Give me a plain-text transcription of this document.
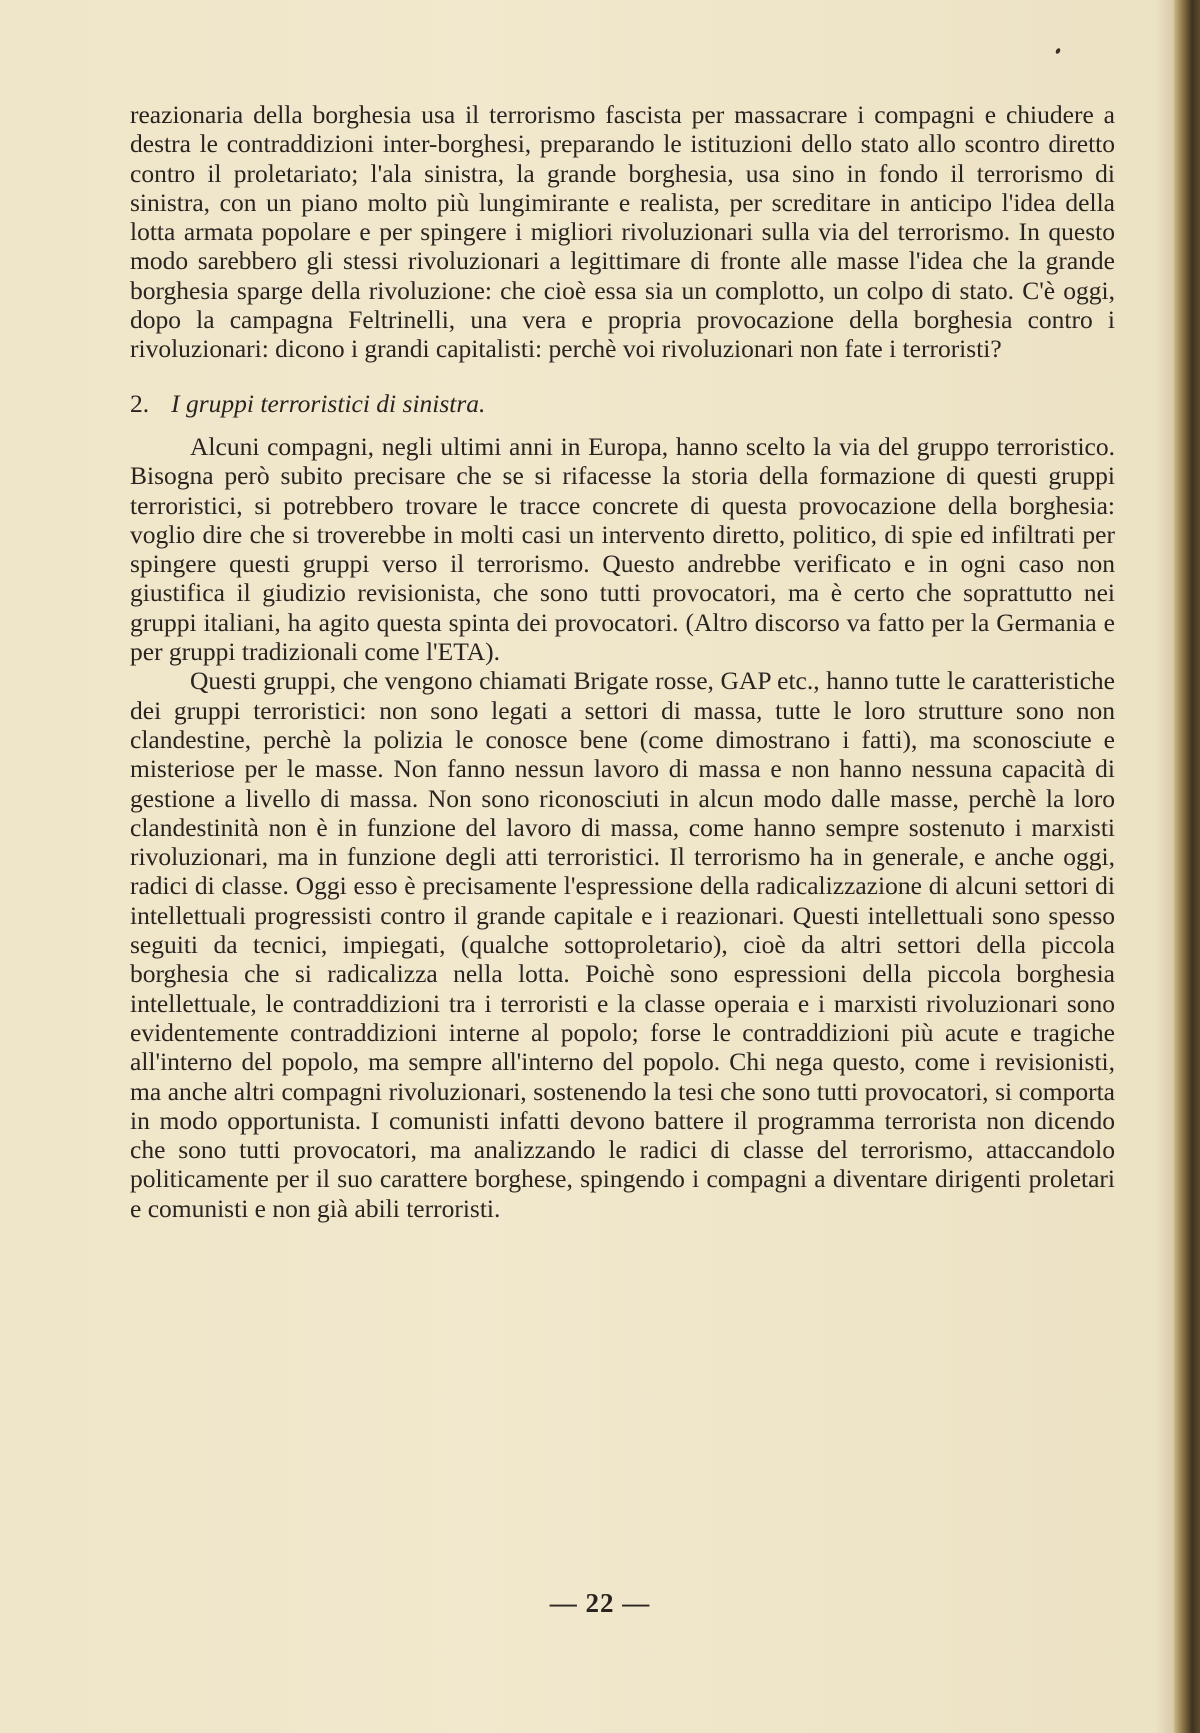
reazionaria della borghesia usa il terrorismo fascista per massacrare i compagni e chiudere a destra le contraddizioni inter-borghesi, preparando le istituzioni dello stato allo scontro diretto contro il proletariato; l'ala sinistra, la grande borghesia, usa sino in fondo il terrorismo di sinistra, con un piano molto più lungimirante e realista, per screditare in anticipo l'idea della lotta armata popolare e per spingere i migliori rivoluzionari sulla via del terrorismo. In questo modo sarebbero gli stessi rivoluzionari a legittimare di fronte alle masse l'idea che la grande borghesia sparge della rivoluzione: che cioè essa sia un complotto, un colpo di stato. C'è oggi, dopo la campagna Feltrinelli, una vera e propria provocazione della borghesia contro i rivoluzionari: dicono i grandi capitalisti: perchè voi rivoluzionari non fate i terroristi?

2. I gruppi terroristici di sinistra.

Alcuni compagni, negli ultimi anni in Europa, hanno scelto la via del gruppo terroristico. Bisogna però subito precisare che se si rifacesse la storia della formazione di questi gruppi terroristici, si potrebbero trovare le tracce concrete di questa provocazione della borghesia: voglio dire che si troverebbe in molti casi un intervento diretto, politico, di spie ed infiltrati per spingere questi gruppi verso il terrorismo. Questo andrebbe verificato e in ogni caso non giustifica il giudizio revisionista, che sono tutti provocatori, ma è certo che soprattutto nei gruppi italiani, ha agito questa spinta dei provocatori. (Altro discorso va fatto per la Germania e per gruppi tradizionali come l'ETA).

Questi gruppi, che vengono chiamati Brigate rosse, GAP etc., hanno tutte le caratteristiche dei gruppi terroristici: non sono legati a settori di massa, tutte le loro strutture sono non clandestine, perchè la polizia le conosce bene (come dimostrano i fatti), ma sconosciute e misteriose per le masse. Non fanno nessun lavoro di massa e non hanno nessuna capacità di gestione a livello di massa. Non sono riconosciuti in alcun modo dalle masse, perchè la loro clandestinità non è in funzione del lavoro di massa, come hanno sempre sostenuto i marxisti rivoluzionari, ma in funzione degli atti terroristici. Il terrorismo ha in generale, e anche oggi, radici di classe. Oggi esso è precisamente l'espressione della radicalizzazione di alcuni settori di intellettuali progressisti contro il grande capitale e i reazionari. Questi intellettuali sono spesso seguiti da tecnici, impiegati, (qualche sottoproletario), cioè da altri settori della piccola borghesia che si radicalizza nella lotta. Poichè sono espressioni della piccola borghesia intellettuale, le contraddizioni tra i terroristi e la classe operaia e i marxisti rivoluzionari sono evidentemente contraddizioni interne al popolo; forse le contraddizioni più acute e tragiche all'interno del popolo, ma sempre all'interno del popolo. Chi nega questo, come i revisionisti, ma anche altri compagni rivoluzionari, sostenendo la tesi che sono tutti provocatori, si comporta in modo opportunista. I comunisti infatti devono battere il programma terrorista non dicendo che sono tutti provocatori, ma analizzando le radici di classe del terrorismo, attaccandolo politicamente per il suo carattere borghese, spingendo i compagni a diventare dirigenti proletari e comunisti e non già abili terroristi.

— 22 —
